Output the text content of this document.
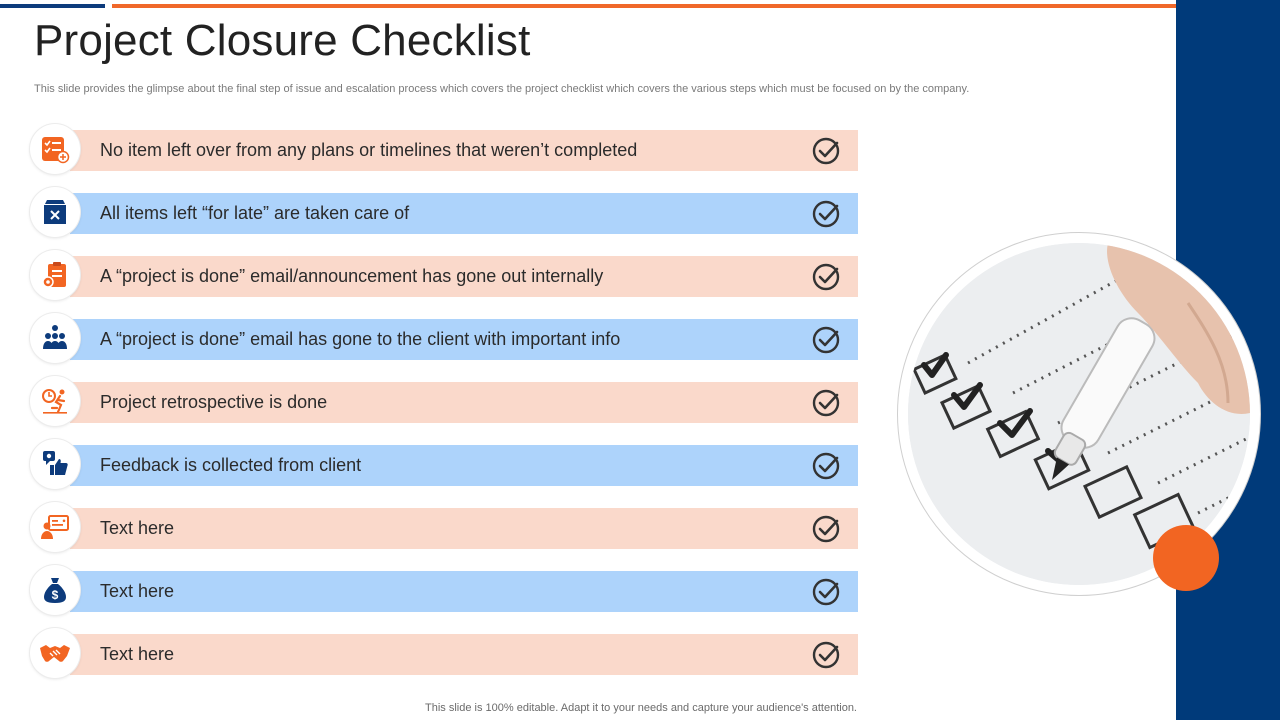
Project Closure Checklist
This slide provides the glimpse about the final step of issue and escalation process which covers the project checklist which covers the various steps which must be focused on by the company.
No item left over from any plans or timelines that weren’t completed
All items left “for late” are taken care of
A “project is done” email/announcement has gone out internally
A “project is done” email has gone to the client with important info
Project retrospective is done
Feedback is collected from client
Text here
$ Text here
Text here
This slide is 100% editable. Adapt it to your needs and capture your audience's attention.
